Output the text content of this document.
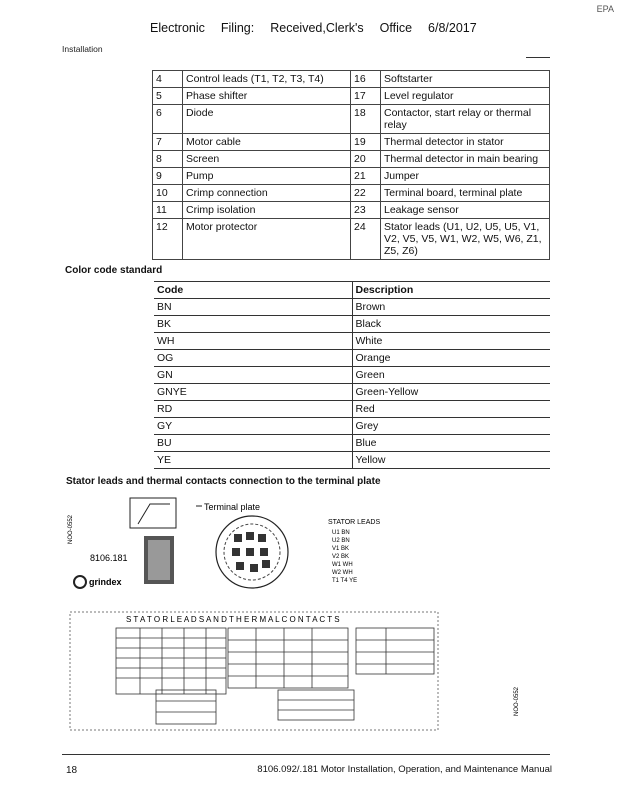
Electronic Filing: Received,Clerk's Office 6/8/2017
Installation
EPA
4	Control leads (T1, T2, T3, T4)	16	Softstarter
5	Phase shifter	17	Level regulator
6	Diode	18	Contactor, start relay or thermal relay
7	Motor cable	19	Thermal detector in stator
8	Screen	20	Thermal detector in main bearing
9	Pump	21	Jumper
10	Crimp connection	22	Terminal board, terminal plate
11	Crimp isolation	23	Leakage sensor
12	Motor protector	24	Stator leads (U1, U2, U5, U5, V1, V2, V5, V5, W1, W2, W5, W6, Z1, Z5, Z6)
Color code standard
Code	Description
BN	Brown
BK	Black
WH	White
OG	Orange
GN	Green
GNYE	Green-Yellow
RD	Red
GY	Grey
BU	Blue
YE	Yellow
Stator leads and thermal contacts connection to the terminal plate
8106.181
grindex
NOO-0552
Terminal plate
STATOR LEADS
U1 BN
U2 BN
V1 BK
V2 BK
W1 WH
W2 WH
T1 T4 YE
S T A T O R L E A D S A N D T H E R M A L C O N T A C T S
NOO-0552
18	8106.092/.181 Motor Installation, Operation, and Maintenance Manual
